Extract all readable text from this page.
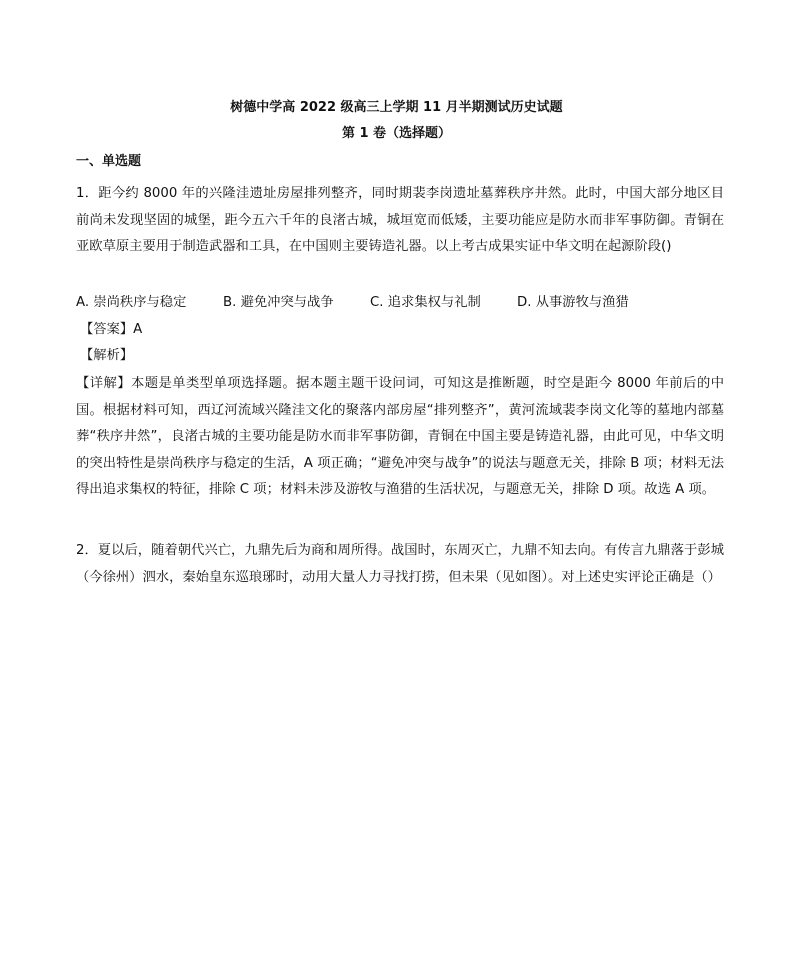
树德中学高 2022 级高三上学期 11 月半期测试历史试题
第 1 卷（选择题）
一、单选题

1．距今约 8000 年的兴隆洼遗址房屋排列整齐，同时期裴李岗遗址墓葬秩序井然。此时，中国大部分地区目前尚未发现坚固的城堡，距今五六千年的良渚古城，城垣宽而低矮，主要功能应是防水而非军事防御。青铜在亚欧草原主要用于制造武器和工具，在中国则主要铸造礼器。以上考古成果实证中华文明在起源阶段()

A. 崇尚秩序与稳定	B. 避免冲突与战争	C. 追求集权与礼制	D. 从事游牧与渔猎
【答案】A
【解析】

【详解】本题是单类型单项选择题。据本题主题干设问词，可知这是推断题，时空是距今 8000 年前后的中国。根据材料可知，西辽河流域兴隆洼文化的聚落内部房屋“排列整齐”，黄河流域裴李岗文化等的墓地内部墓葬“秩序井然”，良渚古城的主要功能是防水而非军事防御，青铜在中国主要是铸造礼器，由此可见，中华文明的突出特性是崇尚秩序与稳定的生活，A 项正确；“避免冲突与战争”的说法与题意无关，排除 B 项；材料无法得出追求集权的特征，排除 C 项；材料未涉及游牧与渔猎的生活状况，与题意无关，排除 D 项。故选 A 项。

2．夏以后，随着朝代兴亡，九鼎先后为商和周所得。战国时，东周灭亡，九鼎不知去向。有传言九鼎落于彭城（今徐州）泗水，秦始皇东巡琅琊时，动用大量人力寻找打捞，但未果（见如图）。对上述史实评论正确是（）
